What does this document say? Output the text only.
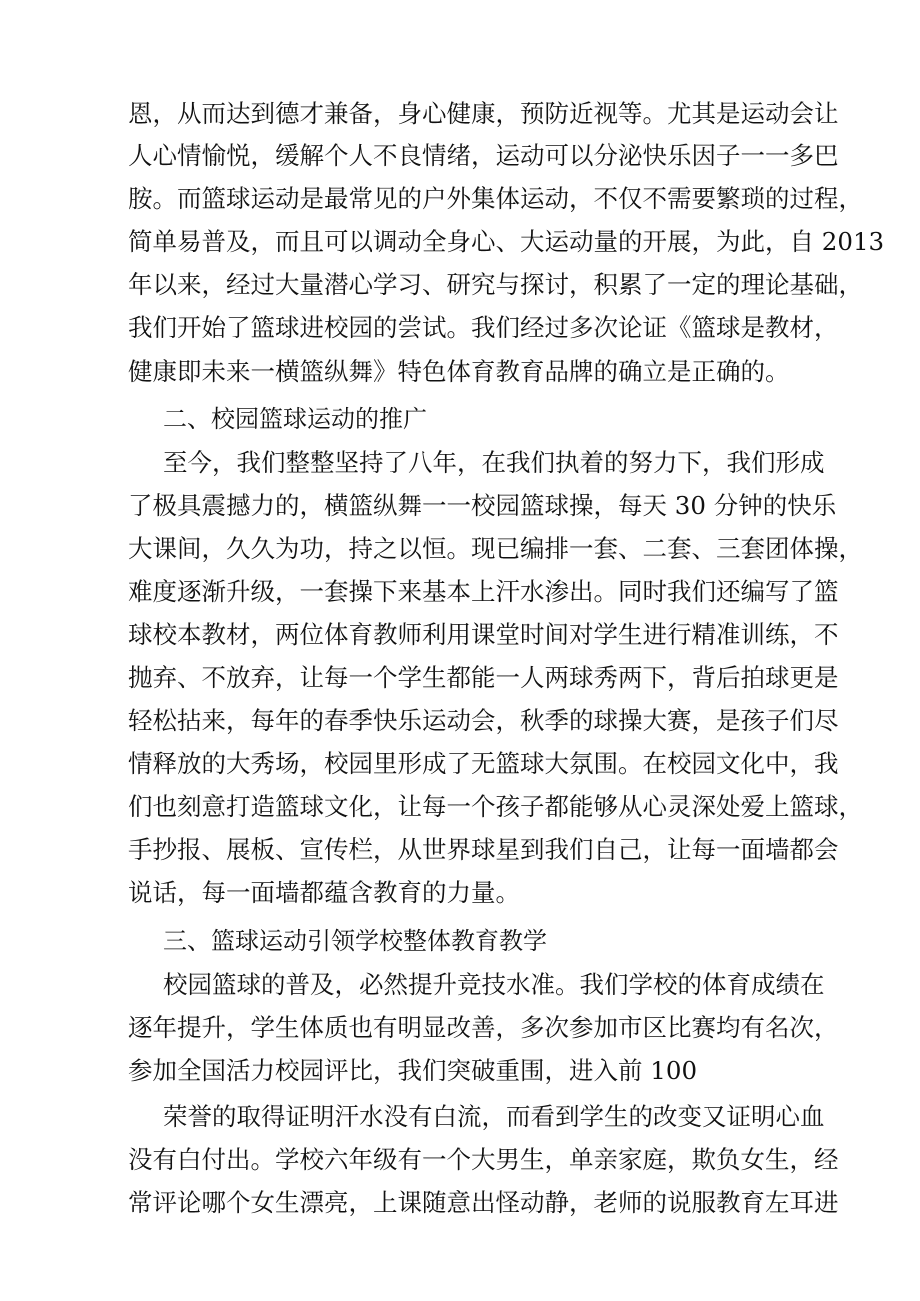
恩，从而达到德才兼备，身心健康，预防近视等。尤其是运动会让
人心情愉悦，缓解个人不良情绪，运动可以分泌快乐因子一一多巴
胺。而篮球运动是最常见的户外集体运动，不仅不需要繁琐的过程，
简单易普及，而且可以调动全身心、大运动量的开展，为此，自 2013
年以来，经过大量潜心学习、研究与探讨，积累了一定的理论基础，
我们开始了篮球进校园的尝试。我们经过多次论证《篮球是教材，
健康即未来一横篮纵舞》特色体育教育品牌的确立是正确的。
二、校园篮球运动的推广
至今，我们整整坚持了八年，在我们执着的努力下，我们形成
了极具震撼力的，横篮纵舞一一校园篮球操，每天 30 分钟的快乐
大课间，久久为功，持之以恒。现已编排一套、二套、三套团体操，
难度逐渐升级，一套操下来基本上汗水渗出。同时我们还编写了篮
球校本教材，两位体育教师利用课堂时间对学生进行精准训练，不
抛弃、不放弃，让每一个学生都能一人两球秀两下，背后拍球更是
轻松拈来，每年的春季快乐运动会，秋季的球操大赛，是孩子们尽
情释放的大秀场，校园里形成了无篮球大氛围。在校园文化中，我
们也刻意打造篮球文化，让每一个孩子都能够从心灵深处爱上篮球，
手抄报、展板、宣传栏，从世界球星到我们自己，让每一面墙都会
说话，每一面墙都蕴含教育的力量。
三、篮球运动引领学校整体教育教学
校园篮球的普及，必然提升竞技水准。我们学校的体育成绩在
逐年提升，学生体质也有明显改善，多次参加市区比赛均有名次，
参加全国活力校园评比，我们突破重围，进入前 100
荣誉的取得证明汗水没有白流，而看到学生的改变又证明心血
没有白付出。学校六年级有一个大男生，单亲家庭，欺负女生，经
常评论哪个女生漂亮，上课随意出怪动静，老师的说服教育左耳进
